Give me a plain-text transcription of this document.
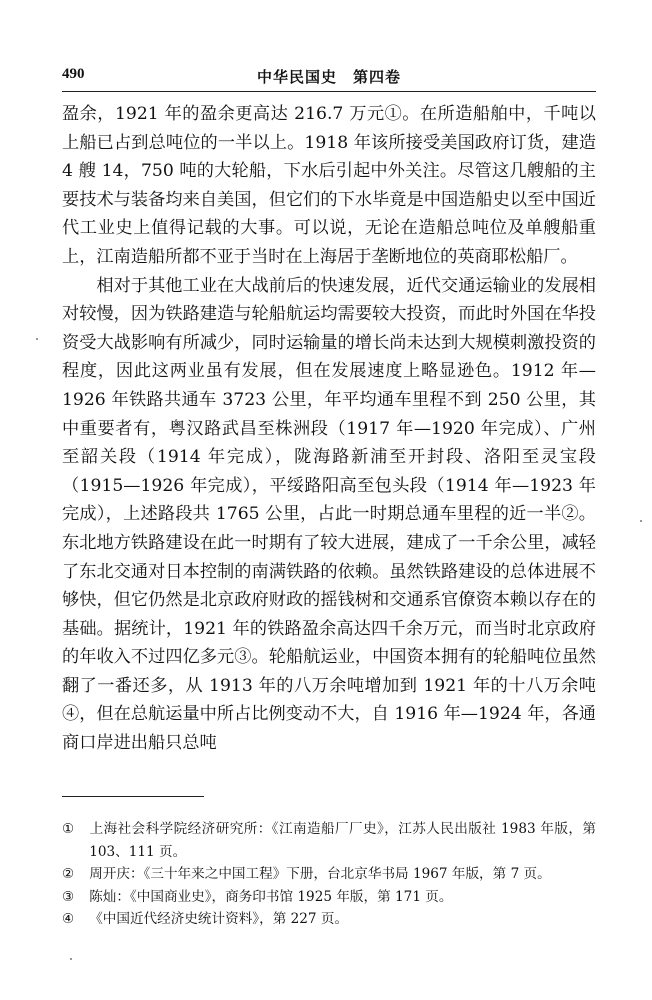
490	中华民国史　第四卷

盈余，1921 年的盈余更高达 216.7 万元①。在所造船舶中，千吨以上船已占到总吨位的一半以上。1918 年该所接受美国政府订货，建造 4 艘 14，750 吨的大轮船，下水后引起中外关注。尽管这几艘船的主要技术与装备均来自美国，但它们的下水毕竟是中国造船史以至中国近代工业史上值得记载的大事。可以说，无论在造船总吨位及单艘船重上，江南造船所都不亚于当时在上海居于垄断地位的英商耶松船厂。

相对于其他工业在大战前后的快速发展，近代交通运输业的发展相对较慢，因为铁路建造与轮船航运均需要较大投资，而此时外国在华投资受大战影响有所减少，同时运输量的增长尚未达到大规模刺激投资的程度，因此这两业虽有发展，但在发展速度上略显逊色。1912 年—1926 年铁路共通车 3723 公里，年平均通车里程不到 250 公里，其中重要者有，粤汉路武昌至株洲段（1917 年—1920 年完成）、广州至韶关段（1914 年完成），陇海路新浦至开封段、洛阳至灵宝段（1915—1926 年完成），平绥路阳高至包头段（1914 年—1923 年完成），上述路段共 1765 公里，占此一时期总通车里程的近一半②。东北地方铁路建设在此一时期有了较大进展，建成了一千余公里，减轻了东北交通对日本控制的南满铁路的依赖。虽然铁路建设的总体进展不够快，但它仍然是北京政府财政的摇钱树和交通系官僚资本赖以存在的基础。据统计，1921 年的铁路盈余高达四千余万元，而当时北京政府的年收入不过四亿多元③。轮船航运业，中国资本拥有的轮船吨位虽然翻了一番还多，从 1913 年的八万余吨增加到 1921 年的十八万余吨④，但在总航运量中所占比例变动不大，自 1916 年—1924 年，各通商口岸进出船只总吨

① 上海社会科学院经济研究所：《江南造船厂厂史》，江苏人民出版社 1983 年版，第 103、111 页。

② 周开庆：《三十年来之中国工程》下册，台北京华书局 1967 年版，第 7 页。

③ 陈灿：《中国商业史》，商务印书馆 1925 年版，第 171 页。

④ 《中国近代经济史统计资料》，第 227 页。
